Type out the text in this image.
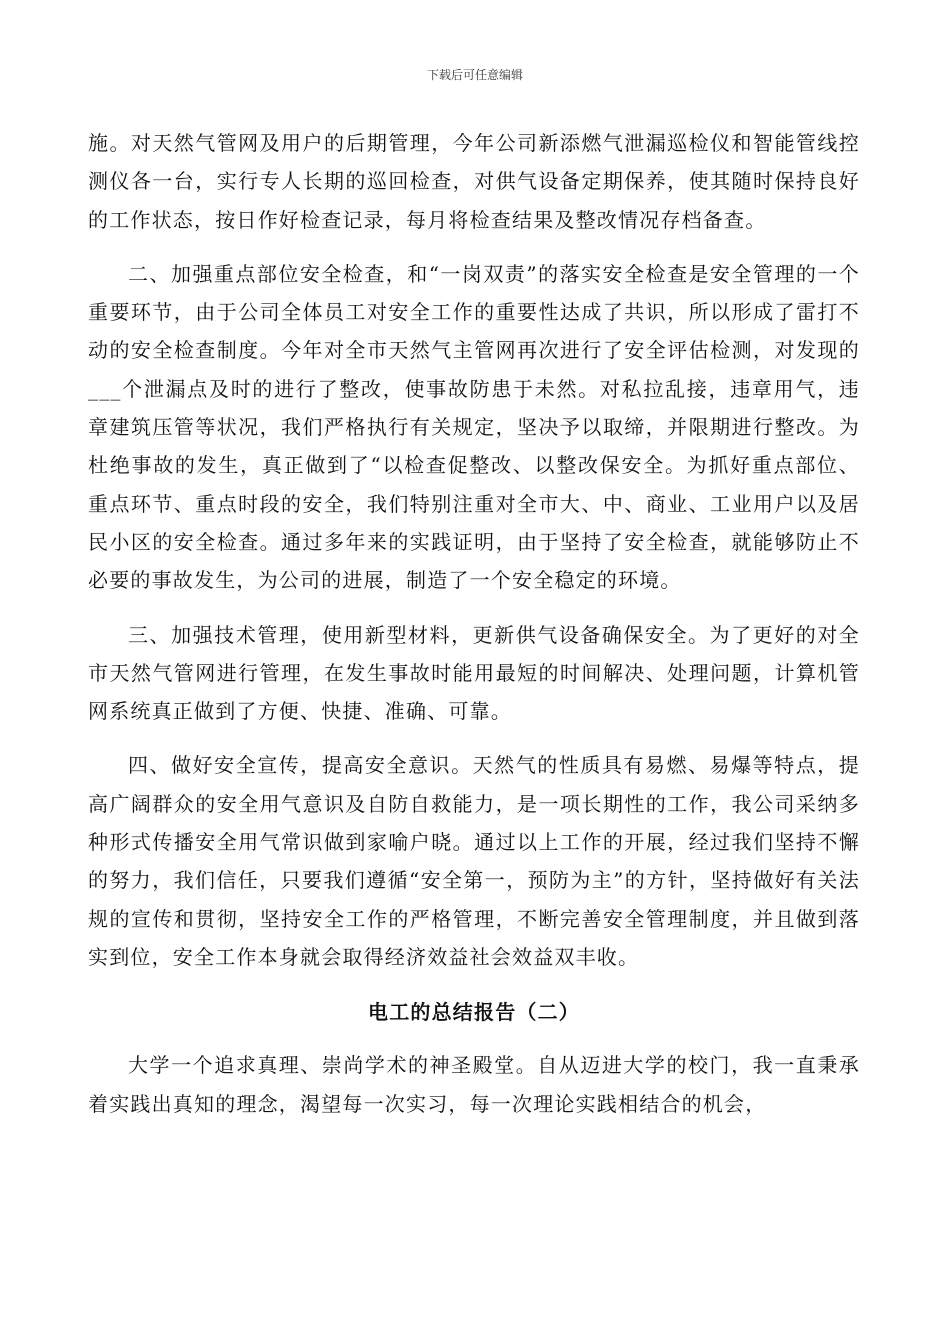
下载后可任意编辑

施。对天然气管网及用户的后期管理，今年公司新添燃气泄漏巡检仪和智能管线控测仪各一台，实行专人长期的巡回检查，对供气设备定期保养，使其随时保持良好的工作状态，按日作好检查记录，每月将检查结果及整改情况存档备查。

二、加强重点部位安全检查，和“一岗双责”的落实安全检查是安全管理的一个重要环节，由于公司全体员工对安全工作的重要性达成了共识，所以形成了雷打不动的安全检查制度。今年对全市天然气主管网再次进行了安全评估检测，对发现的___个泄漏点及时的进行了整改，使事故防患于未然。对私拉乱接，违章用气，违章建筑压管等状况，我们严格执行有关规定，坚决予以取缔，并限期进行整改。为杜绝事故的发生，真正做到了“以检查促整改、以整改保安全。为抓好重点部位、重点环节、重点时段的安全，我们特别注重对全市大、中、商业、工业用户以及居民小区的安全检查。通过多年来的实践证明，由于坚持了安全检查，就能够防止不必要的事故发生，为公司的进展，制造了一个安全稳定的环境。

三、加强技术管理，使用新型材料，更新供气设备确保安全。为了更好的对全市天然气管网进行管理，在发生事故时能用最短的时间解决、处理问题，计算机管网系统真正做到了方便、快捷、准确、可靠。

四、做好安全宣传，提高安全意识。天然气的性质具有易燃、易爆等特点，提高广阔群众的安全用气意识及自防自救能力，是一项长期性的工作，我公司采纳多种形式传播安全用气常识做到家喻户晓。通过以上工作的开展，经过我们坚持不懈的努力，我们信任，只要我们遵循“安全第一，预防为主”的方针，坚持做好有关法规的宣传和贯彻，坚持安全工作的严格管理，不断完善安全管理制度，并且做到落实到位，安全工作本身就会取得经济效益社会效益双丰收。

电工的总结报告（二）

大学一个追求真理、崇尚学术的神圣殿堂。自从迈进大学的校门，我一直秉承着实践出真知的理念，渴望每一次实习，每一次理论实践相结合的机会，
